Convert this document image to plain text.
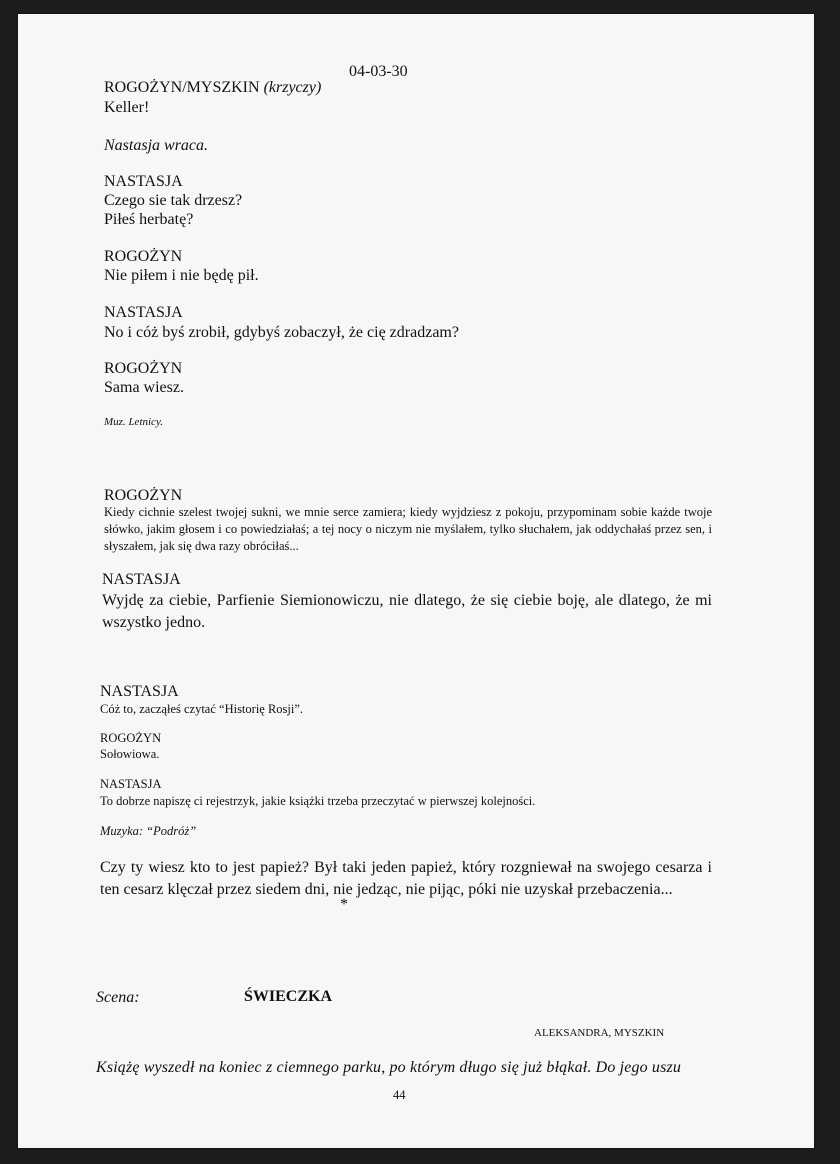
04-03-30
ROGOŻYN/MYSZKIN (krzyczy)
Keller!
Nastasja wraca.
NASTASJA
Czego sie tak drzesz?
Piłeś herbatę?
ROGOŻYN
Nie piłem i nie będę pił.
NASTASJA
No i cóż byś zrobił, gdybyś zobaczył, że cię zdradzam?
ROGOŻYN
Sama wiesz.
Muz. Letnicy.
ROGOŻYN
Kiedy cichnie szelest twojej sukni, we mnie serce zamiera; kiedy wyjdziesz z pokoju, przypominam sobie każde twoje słówko, jakim głosem i co powiedziałaś; a tej nocy o niczym nie myślałem, tylko słuchałem, jak oddychałaś przez sen, i słyszałem, jak się dwa razy obróciłaś...
NASTASJA
Wyjdę za ciebie, Parfienie Siemionowiczu, nie dlatego, że się ciebie boję, ale dlatego, że mi wszystko jedno.
NASTASJA
Cóż to, zacząłeś czytać “Historię Rosji”.
ROGOŻYN
Sołowiowa.
NASTASJA
To dobrze napiszę ci rejestrzyk, jakie książki trzeba przeczytać w pierwszej kolejności.
Muzyka: “Podróż”
Czy ty wiesz kto to jest papież? Był taki jeden papież, który rozgniewał na swojego cesarza i ten cesarz klęczał przez siedem dni, nie jedząc, nie pijąc, póki nie uzyskał przebaczenia...
*
Scena:	ŚWIECZKA
ALEKSANDRA, MYSZKIN
Książę wyszedł na koniec z ciemnego parku, po którym długo się już błąkał. Do jego uszu
44
